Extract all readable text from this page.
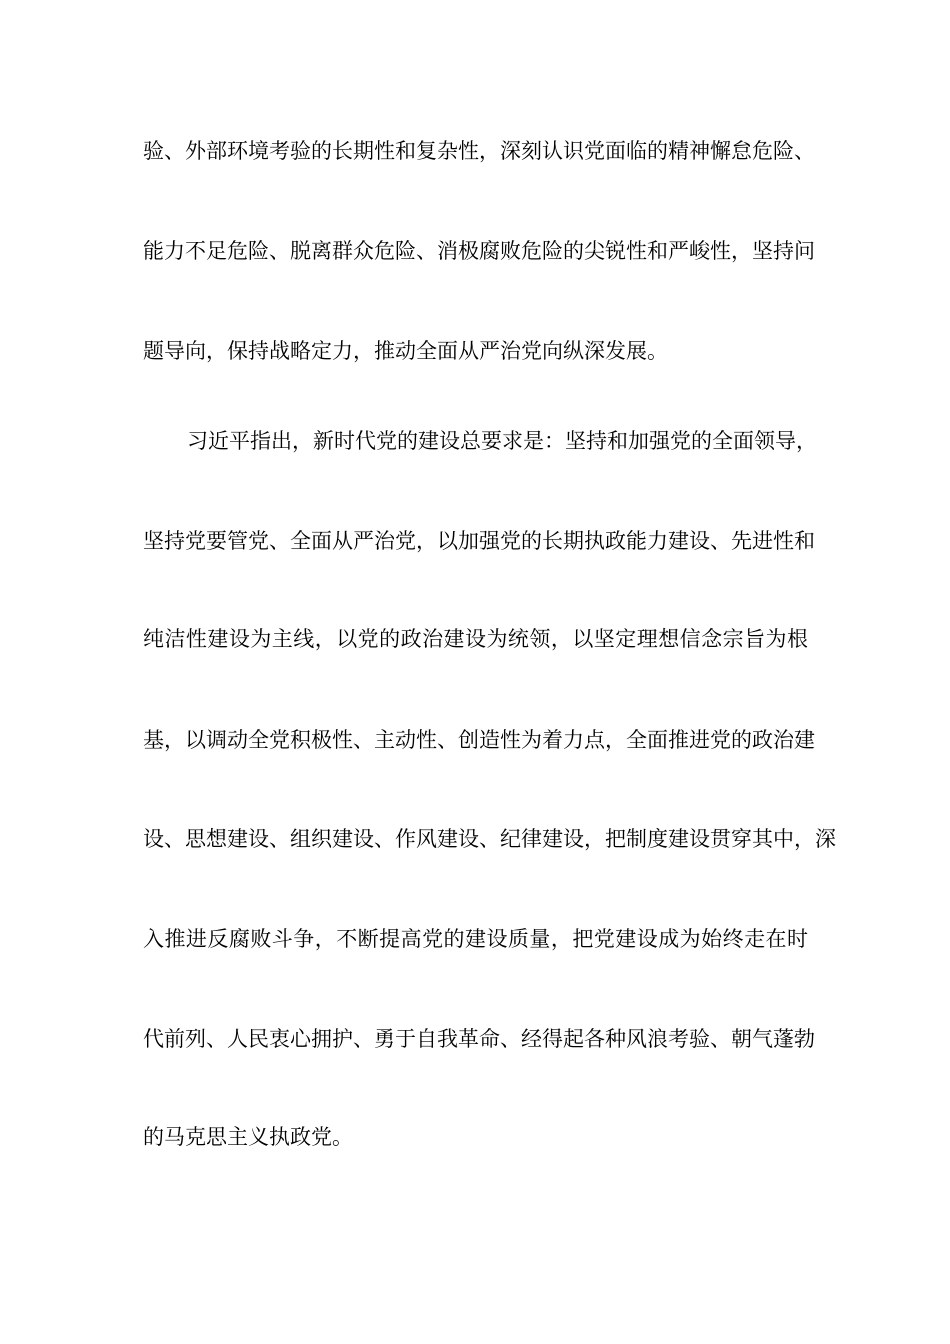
验、外部环境考验的长期性和复杂性，深刻认识党面临的精神懈怠危险、
能力不足危险、脱离群众危险、消极腐败危险的尖锐性和严峻性，坚持问
题导向，保持战略定力，推动全面从严治党向纵深发展。
习近平指出，新时代党的建设总要求是：坚持和加强党的全面领导，
坚持党要管党、全面从严治党，以加强党的长期执政能力建设、先进性和
纯洁性建设为主线，以党的政治建设为统领，以坚定理想信念宗旨为根
基，以调动全党积极性、主动性、创造性为着力点，全面推进党的政治建
设、思想建设、组织建设、作风建设、纪律建设，把制度建设贯穿其中，深
入推进反腐败斗争，不断提高党的建设质量，把党建设成为始终走在时
代前列、人民衷心拥护、勇于自我革命、经得起各种风浪考验、朝气蓬勃
的马克思主义执政党。
